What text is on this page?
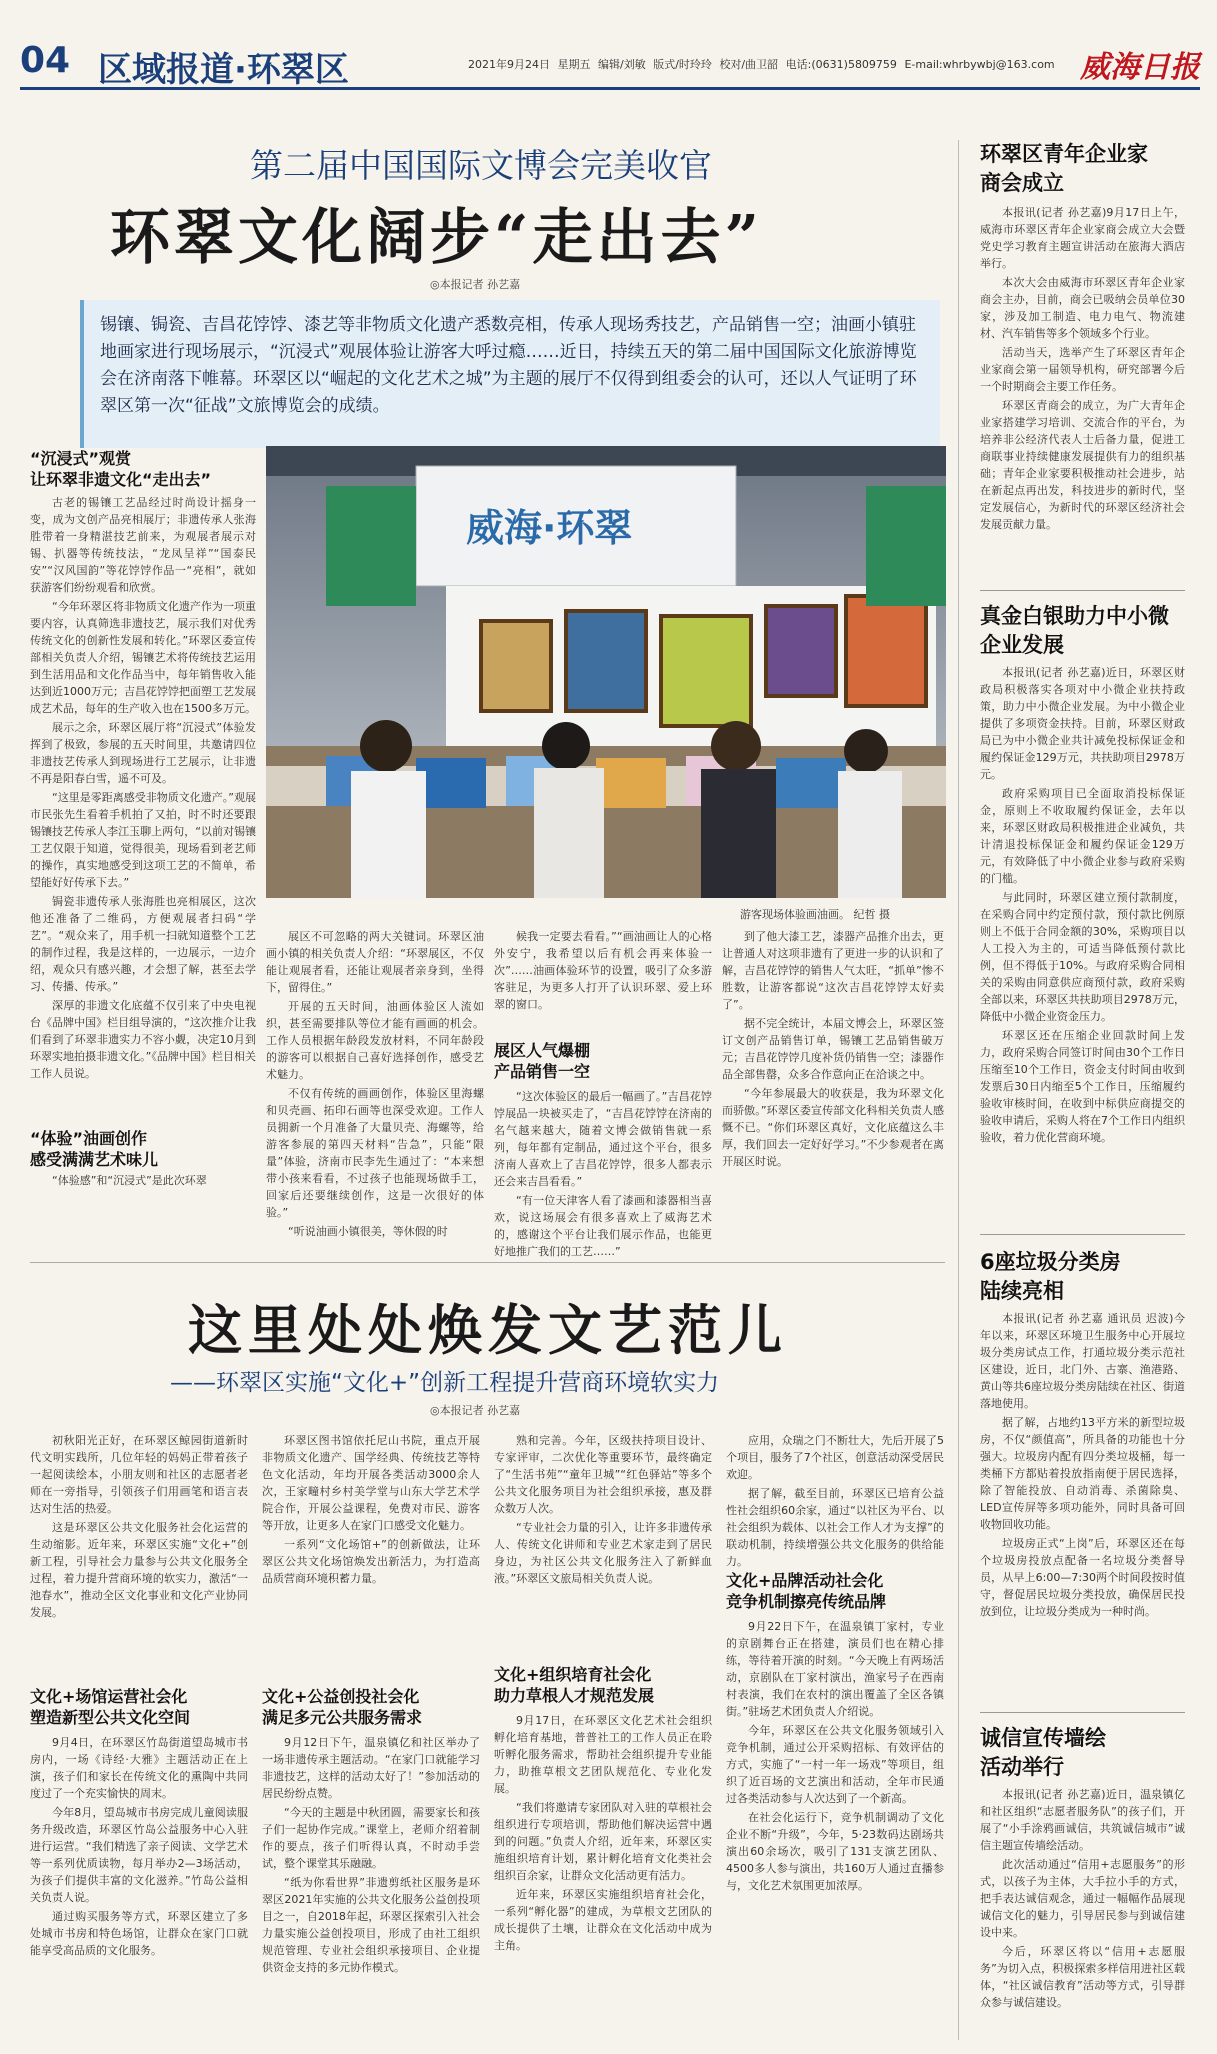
04 区域报道·环翠区	2021年9月24日 星期五 编辑/刘敏 版式/时玲玲 校对/曲卫韶 电话:(0631)5809759 E-mail:whrbywbj@163.com 威海日报
第二届中国国际文博会完美收官
环翠文化阔步“走出去”
◎本报记者 孙艺嘉
锡镶、锔瓷、吉昌花饽饽、漆艺等非物质文化遗产悉数亮相，传承人现场秀技艺，产品销售一空；油画小镇驻地画家进行现场展示，“沉浸式”观展体验让游客大呼过瘾……近日，持续五天的第二届中国国际文化旅游博览会在济南落下帷幕。环翠区以“崛起的文化艺术之城”为主题的展厅不仅得到组委会的认可，还以人气证明了环翠区第一次“征战”文旅博览会的成绩。
“沉浸式”观赏
让环翠非遗文化“走出去”

古老的锡镶工艺品经过时尚设计摇身一变，成为文创产品亮相展厅；非遗传承人张海胜带着一身精湛技艺前来，为观展者展示对锡、扒器等传统技法，“龙凤呈祥”“国泰民安”“汉风国韵”等花饽饽作品一“亮相”，就如获游客们纷纷观看和欣赏。

“今年环翠区将非物质文化遗产作为一项重要内容，认真筛选非遗技艺，展示我们对优秀传统文化的创新性发展和转化。”环翠区委宣传部相关负责人介绍，锡镶艺术将传统技艺运用到生活用品和文化作品当中，每年销售收入能达到近1000万元；吉昌花饽饽把面塑工艺发展成艺术品，每年的生产收入也在1500多万元。

展示之余，环翠区展厅将“沉浸式”体验发挥到了极致，参展的五天时间里，共邀请四位非遗技艺传承人到现场进行工艺展示，让非遗不再是阳春白雪，遥不可及。

“这里是零距离感受非物质文化遗产。”观展市民张先生看着手机拍了又拍，时不时还要跟锡镶技艺传承人李江玉聊上两句，“以前对锡镶工艺仅限于知道，觉得很美，现场看到老艺师的操作，真实地感受到这项工艺的不简单，希望能好好传承下去。”

锔瓷非遗传承人张海胜也亮相展区，这次他还准备了二维码，方便观展者扫码“学艺”。“观众来了，用手机一扫就知道整个工艺的制作过程，我是这样的，一边展示，一边介绍，观众只有感兴趣，才会想了解，甚至去学习、传播、传承。”

深厚的非遗文化底蕴不仅引来了中央电视台《品牌中国》栏目组导演的，“这次推介让我们看到了环翠非遗实力不容小觑，决定10月到环翠实地拍摄非遗文化。”《品牌中国》栏目相关工作人员说。

“体验”油画创作
感受满满艺术味儿

“体验感”和“沉浸式”是此次环翠

威海·环翠
游客现场体验画油画。 纪哲 摄

展区不可忽略的两大关键词。环翠区油画小镇的相关负责人介绍：“环翠展区，不仅能让观展者看，还能让观展者亲身到，坐得下，留得住。”

开展的五天时间，油画体验区人流如织，甚至需要排队等位才能有画画的机会。工作人员根据年龄段发放材料，不同年龄段的游客可以根据自己喜好选择创作，感受艺术魅力。

不仅有传统的画画创作，体验区里海螺和贝壳画、拓印石画等也深受欢迎。工作人员拥新一个月准备了大量贝壳、海螺等，给游客参展的第四天材料“告急”，只能“限量”体验，济南市民李先生通过了：“本来想带小孩来看看，不过孩子也能现场做手工，回家后还要继续创作，这是一次很好的体验。”

“听说油画小镇很美，等休假的时

候我一定要去看看。”“画油画让人的心格外安宁，我希望以后有机会再来体验一次”……油画体验环节的设置，吸引了众多游客驻足，为更多人打开了认识环翠、爱上环翠的窗口。

展区人气爆棚
产品销售一空

“这次体验区的最后一幅画了。”吉昌花饽饽展品一块被买走了，“吉昌花饽饽在济南的名气越来越大，随着文博会做销售就一系列，每年都有定制品，通过这个平台，很多济南人喜欢上了吉昌花饽饽，很多人都表示还会来吉昌看看。”

“有一位天津客人看了漆画和漆器相当喜欢，说这场展会有很多喜欢上了威海艺术的，感谢这个平台让我们展示作品，也能更好地推广我们的工艺……”

到了他大漆工艺，漆器产品推介出去，更让普通人对这项非遗有了更进一步的认识和了解，吉昌花饽饽的销售人气太旺，“抓单”惨不胜数，让游客都说“这次吉昌花饽饽太好卖了”。

据不完全统计，本届文博会上，环翠区签订文创产品销售订单，锡镶工艺品销售破万元；吉昌花饽饽几度补货仍销售一空；漆器作品全部售罄，众多合作意向正在洽谈之中。

“今年参展最大的收获是，我为环翠文化而骄傲。”环翠区委宣传部文化科相关负责人感慨不已。“你们环翠区真好，文化底蕴这么丰厚，我们回去一定好好学习。”不少参观者在离开展区时说。

这里处处焕发文艺范儿
——环翠区实施“文化+”创新工程提升营商环境软实力
◎本报记者 孙艺嘉

初秋阳光正好，在环翠区鲸园街道新时代文明实践所，几位年轻的妈妈正带着孩子一起阅读绘本，小朋友则和社区的志愿者老师在一旁指导，引领孩子们用画笔和语言表达对生活的热爱。

这是环翠区公共文化服务社会化运营的生动缩影。近年来，环翠区实施“文化+”创新工程，引导社会力量参与公共文化服务全过程，着力提升营商环境的软实力，激活“一池春水”，推动全区文化事业和文化产业协同发展。

文化+场馆运营社会化
塑造新型公共文化空间

9月4日，在环翠区竹岛街道望岛城市书房内，一场《诗经·大雅》主题活动正在上演，孩子们和家长在传统文化的熏陶中共同度过了一个充实愉快的周末。

今年8月，望岛城市书房完成儿童阅读服务升级改造，环翠区竹岛公益服务中心入驻进行运营。“我们精选了亲子阅读、文学艺术等一系列优质读物，每月举办2—3场活动，为孩子们提供丰富的文化滋养。”竹岛公益相关负责人说。

通过购买服务等方式，环翠区建立了多处城市书房和特色场馆，让群众在家门口就能享受高品质的文化服务。

环翠区图书馆依托尼山书院，重点开展非物质文化遗产、国学经典、传统技艺等特色文化活动，年均开展各类活动3000余人次，王家疃村乡村美学堂与山东大学艺术学院合作，开展公益课程，免费对市民、游客等开放，让更多人在家门口感受文化魅力。

一系列“文化场馆+”的创新做法，让环翠区公共文化场馆焕发出新活力，为打造高品质营商环境积蓄力量。

文化+公益创投社会化
满足多元公共服务需求

9月12日下午，温泉镇亿和社区举办了一场非遗传承主题活动。“在家门口就能学习非遗技艺，这样的活动太好了！”参加活动的居民纷纷点赞。

“今天的主题是中秋团圆，需要家长和孩子们一起协作完成。”课堂上，老师介绍着制作的要点，孩子们听得认真，不时动手尝试，整个课堂其乐融融。

“纸为你看世界”非遗剪纸社区服务是环翠区2021年实施的公共文化服务公益创投项目之一，自2018年起，环翠区探索引入社会力量实施公益创投项目，形成了由社工组织规范管理、专业社会组织承接项目、企业提供资金支持的多元协作模式。

熟和完善。今年，区级扶持项目设计、专家评审，二次优化等重要环节，最终确定了“生活书苑”“童年卫城”“红色驿站”等多个公共文化服务项目为社会组织承接，惠及群众数万人次。

“专业社会力量的引入，让许多非遗传承人、传统文化讲师和专业艺术家走到了居民身边，为社区公共文化服务注入了新鲜血液。”环翠区文旅局相关负责人说。

文化+组织培育社会化
助力草根人才规范发展

9月17日，在环翠区文化艺术社会组织孵化培育基地，普普社工的工作人员正在聆听孵化服务需求，帮助社会组织提升专业能力，助推草根文艺团队规范化、专业化发展。

“我们将邀请专家团队对入驻的草根社会组织进行专项培训，帮助他们解决运营中遇到的问题。”负责人介绍，近年来，环翠区实施组织培育计划，累计孵化培育文化类社会组织百余家，让群众文化活动更有活力。

近年来，环翠区实施组织培育社会化，一系列“孵化器”的建成，为草根文艺团队的成长提供了土壤，让群众在文化活动中成为主角。

应用，众瑞之门不断壮大，先后开展了5个项目，服务了7个社区，创意活动深受居民欢迎。

据了解，截至目前，环翠区已培育公益性社会组织60余家，通过“以社区为平台、以社会组织为载体、以社会工作人才为支撑”的联动机制，持续增强公共文化服务的供给能力。

文化+品牌活动社会化
竞争机制擦亮传统品牌

9月22日下午，在温泉镇丁家村，专业的京剧舞台正在搭建，演员们也在精心排练，等待着开演的时刻。“今天晚上有两场活动，京剧队在丁家村演出，渔家号子在西南村表演，我们在农村的演出覆盖了全区各镇街。”驻场艺术团负责人介绍说。

今年，环翠区在公共文化服务领域引入竞争机制，通过公开采购招标、有效评估的方式，实施了“一村一年一场戏”等项目，组织了近百场的文艺演出和活动，全年市民通过各类活动参与人次达到了一个新高。

在社会化运行下，竞争机制调动了文化企业不断“升级”，今年，5·23数码达剧场共演出60余场次，吸引了131支演艺团队、4500多人参与演出，共160万人通过直播参与，文化艺术氛围更加浓厚。

环翠区青年企业家
商会成立

本报讯(记者 孙艺嘉)9月17日上午，威海市环翠区青年企业家商会成立大会暨党史学习教育主题宣讲活动在旅海大酒店举行。

本次大会由威海市环翠区青年企业家商会主办，目前，商会已吸纳会员单位30家，涉及加工制造、电力电气、物流建材、汽车销售等多个领域多个行业。

活动当天，选举产生了环翠区青年企业家商会第一届领导机构，研究部署今后一个时期商会主要工作任务。

环翠区青商会的成立，为广大青年企业家搭建学习培训、交流合作的平台，为培养非公经济代表人士后备力量，促进工商联事业持续健康发展提供有力的组织基础；青年企业家要积极推动社会进步，站在新起点再出发，科技进步的新时代，坚定发展信心，为新时代的环翠区经济社会发展贡献力量。

真金白银助力中小微
企业发展

本报讯(记者 孙艺嘉)近日，环翠区财政局积极落实各项对中小微企业扶持政策，助力中小微企业发展。为中小微企业提供了多项资金扶持。目前，环翠区财政局已为中小微企业共计减免投标保证金和履约保证金129万元，共扶助项目2978万元。

政府采购项目已全面取消投标保证金，原则上不收取履约保证金，去年以来，环翠区财政局积极推进企业减负，共计清退投标保证金和履约保证金129万元，有效降低了中小微企业参与政府采购的门槛。

与此同时，环翠区建立预付款制度，在采购合同中约定预付款，预付款比例原则上不低于合同金额的30%，采购项目以人工投入为主的，可适当降低预付款比例，但不得低于10%。与政府采购合同相关的采购由同意供应商预付款，政府采购全部以来，环翠区共扶助项目2978万元，降低中小微企业资金压力。

环翠区还在压缩企业回款时间上发力，政府采购合同签订时间由30个工作日压缩至10个工作日，资金支付时间由收到发票后30日内缩至5个工作日，压缩履约验收审核时间，在收到中标供应商提交的验收申请后，采购人将在7个工作日内组织验收，着力优化营商环境。

6座垃圾分类房
陆续亮相

本报讯(记者 孙艺嘉 通讯员 迟波)今年以来，环翠区环境卫生服务中心开展垃圾分类房试点工作，打通垃圾分类示范社区建设，近日，北门外、古寨、渔港路、黄山等共6座垃圾分类房陆续在社区、街道落地使用。

据了解，占地约13平方米的新型垃圾房，不仅“颜值高”，所具备的功能也十分强大。垃圾房内配有四分类垃圾桶，每一类桶下方都贴着投放指南便于居民选择，除了智能投放、自动消毒、杀菌除臭、LED宣传屏等多项功能外，同时具备可回收物回收功能。

垃圾房正式“上岗”后，环翠区还在每个垃圾房投放点配备一名垃圾分类督导员，从早上6:00—7:30两个时间段按时值守，督促居民垃圾分类投放，确保居民投放到位，让垃圾分类成为一种时尚。

诚信宣传墙绘
活动举行

本报讯(记者 孙艺嘉)近日，温泉镇亿和社区组织“志愿者服务队”的孩子们，开展了“小手涂鸦画诚信，共筑诚信城市”诚信主题宣传墙绘活动。

此次活动通过“信用+志愿服务”的形式，以孩子为主体，大手拉小手的方式，把手表达诚信观念，通过一幅幅作品展现诚信文化的魅力，引导居民参与到诚信建设中来。

今后，环翠区将以“信用+志愿服务”为切入点，积极探索多样信用进社区载体，“社区诚信教育”活动等方式，引导群众参与诚信建设。
